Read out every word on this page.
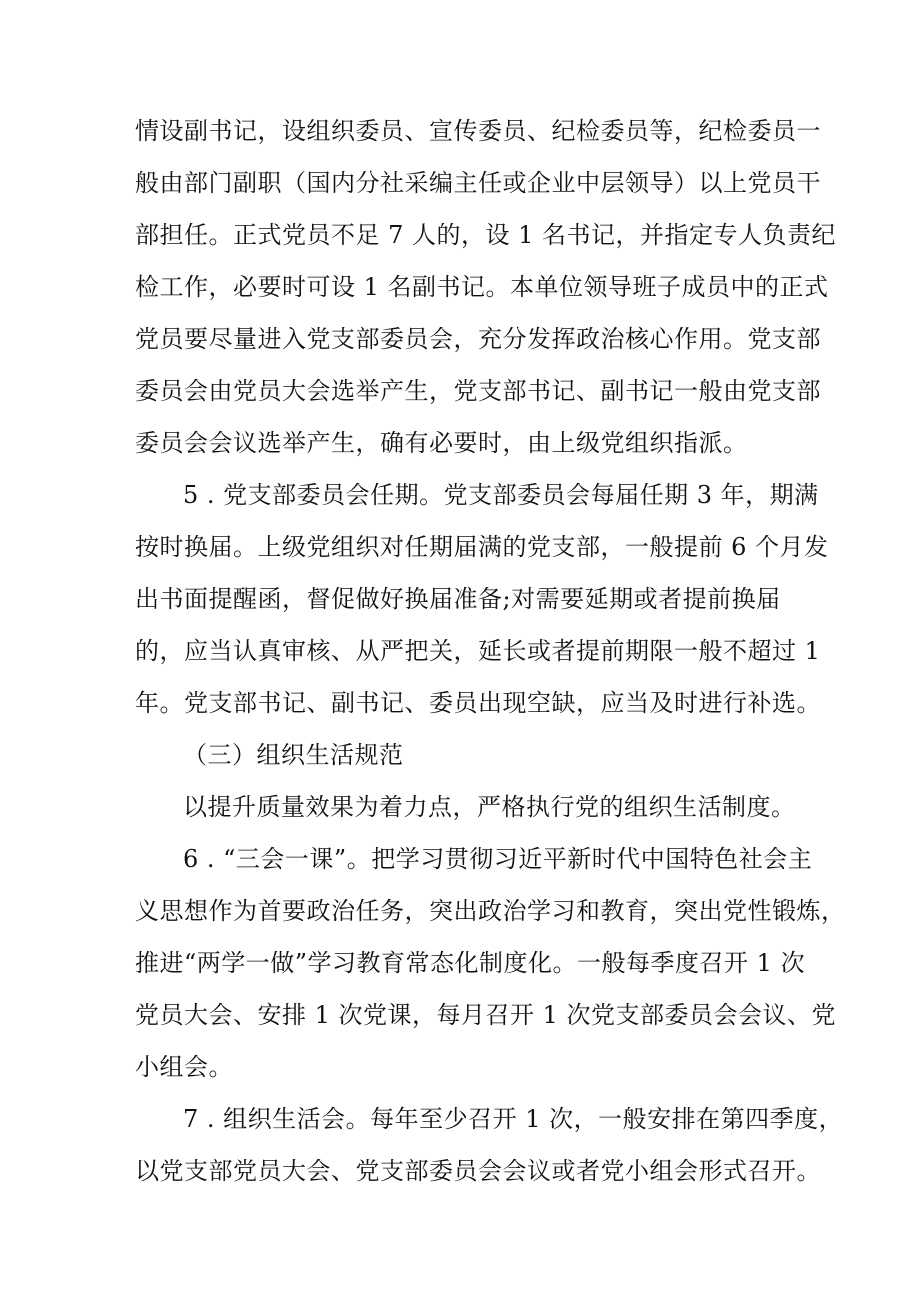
情设副书记，设组织委员、宣传委员、纪检委员等，纪检委员一
般由部门副职（国内分社采编主任或企业中层领导）以上党员干
部担任。正式党员不足 7 人的，设 1 名书记，并指定专人负责纪
检工作，必要时可设 1 名副书记。本单位领导班子成员中的正式
党员要尽量进入党支部委员会，充分发挥政治核心作用。党支部
委员会由党员大会选举产生，党支部书记、副书记一般由党支部
委员会会议选举产生，确有必要时，由上级党组织指派。
5 . 党支部委员会任期。党支部委员会每届任期 3 年，期满
按时换届。上级党组织对任期届满的党支部，一般提前 6 个月发
出书面提醒函，督促做好换届准备;对需要延期或者提前换届
的，应当认真审核、从严把关，延长或者提前期限一般不超过 1
年。党支部书记、副书记、委员出现空缺，应当及时进行补选。
（三）组织生活规范
以提升质量效果为着力点，严格执行党的组织生活制度。
6 . “三会一课”。把学习贯彻习近平新时代中国特色社会主
义思想作为首要政治任务，突出政治学习和教育，突出党性锻炼，
推进“两学一做”学习教育常态化制度化。一般每季度召开 1 次
党员大会、安排 1 次党课，每月召开 1 次党支部委员会会议、党
小组会。
7 . 组织生活会。每年至少召开 1 次，一般安排在第四季度，
以党支部党员大会、党支部委员会会议或者党小组会形式召开。
